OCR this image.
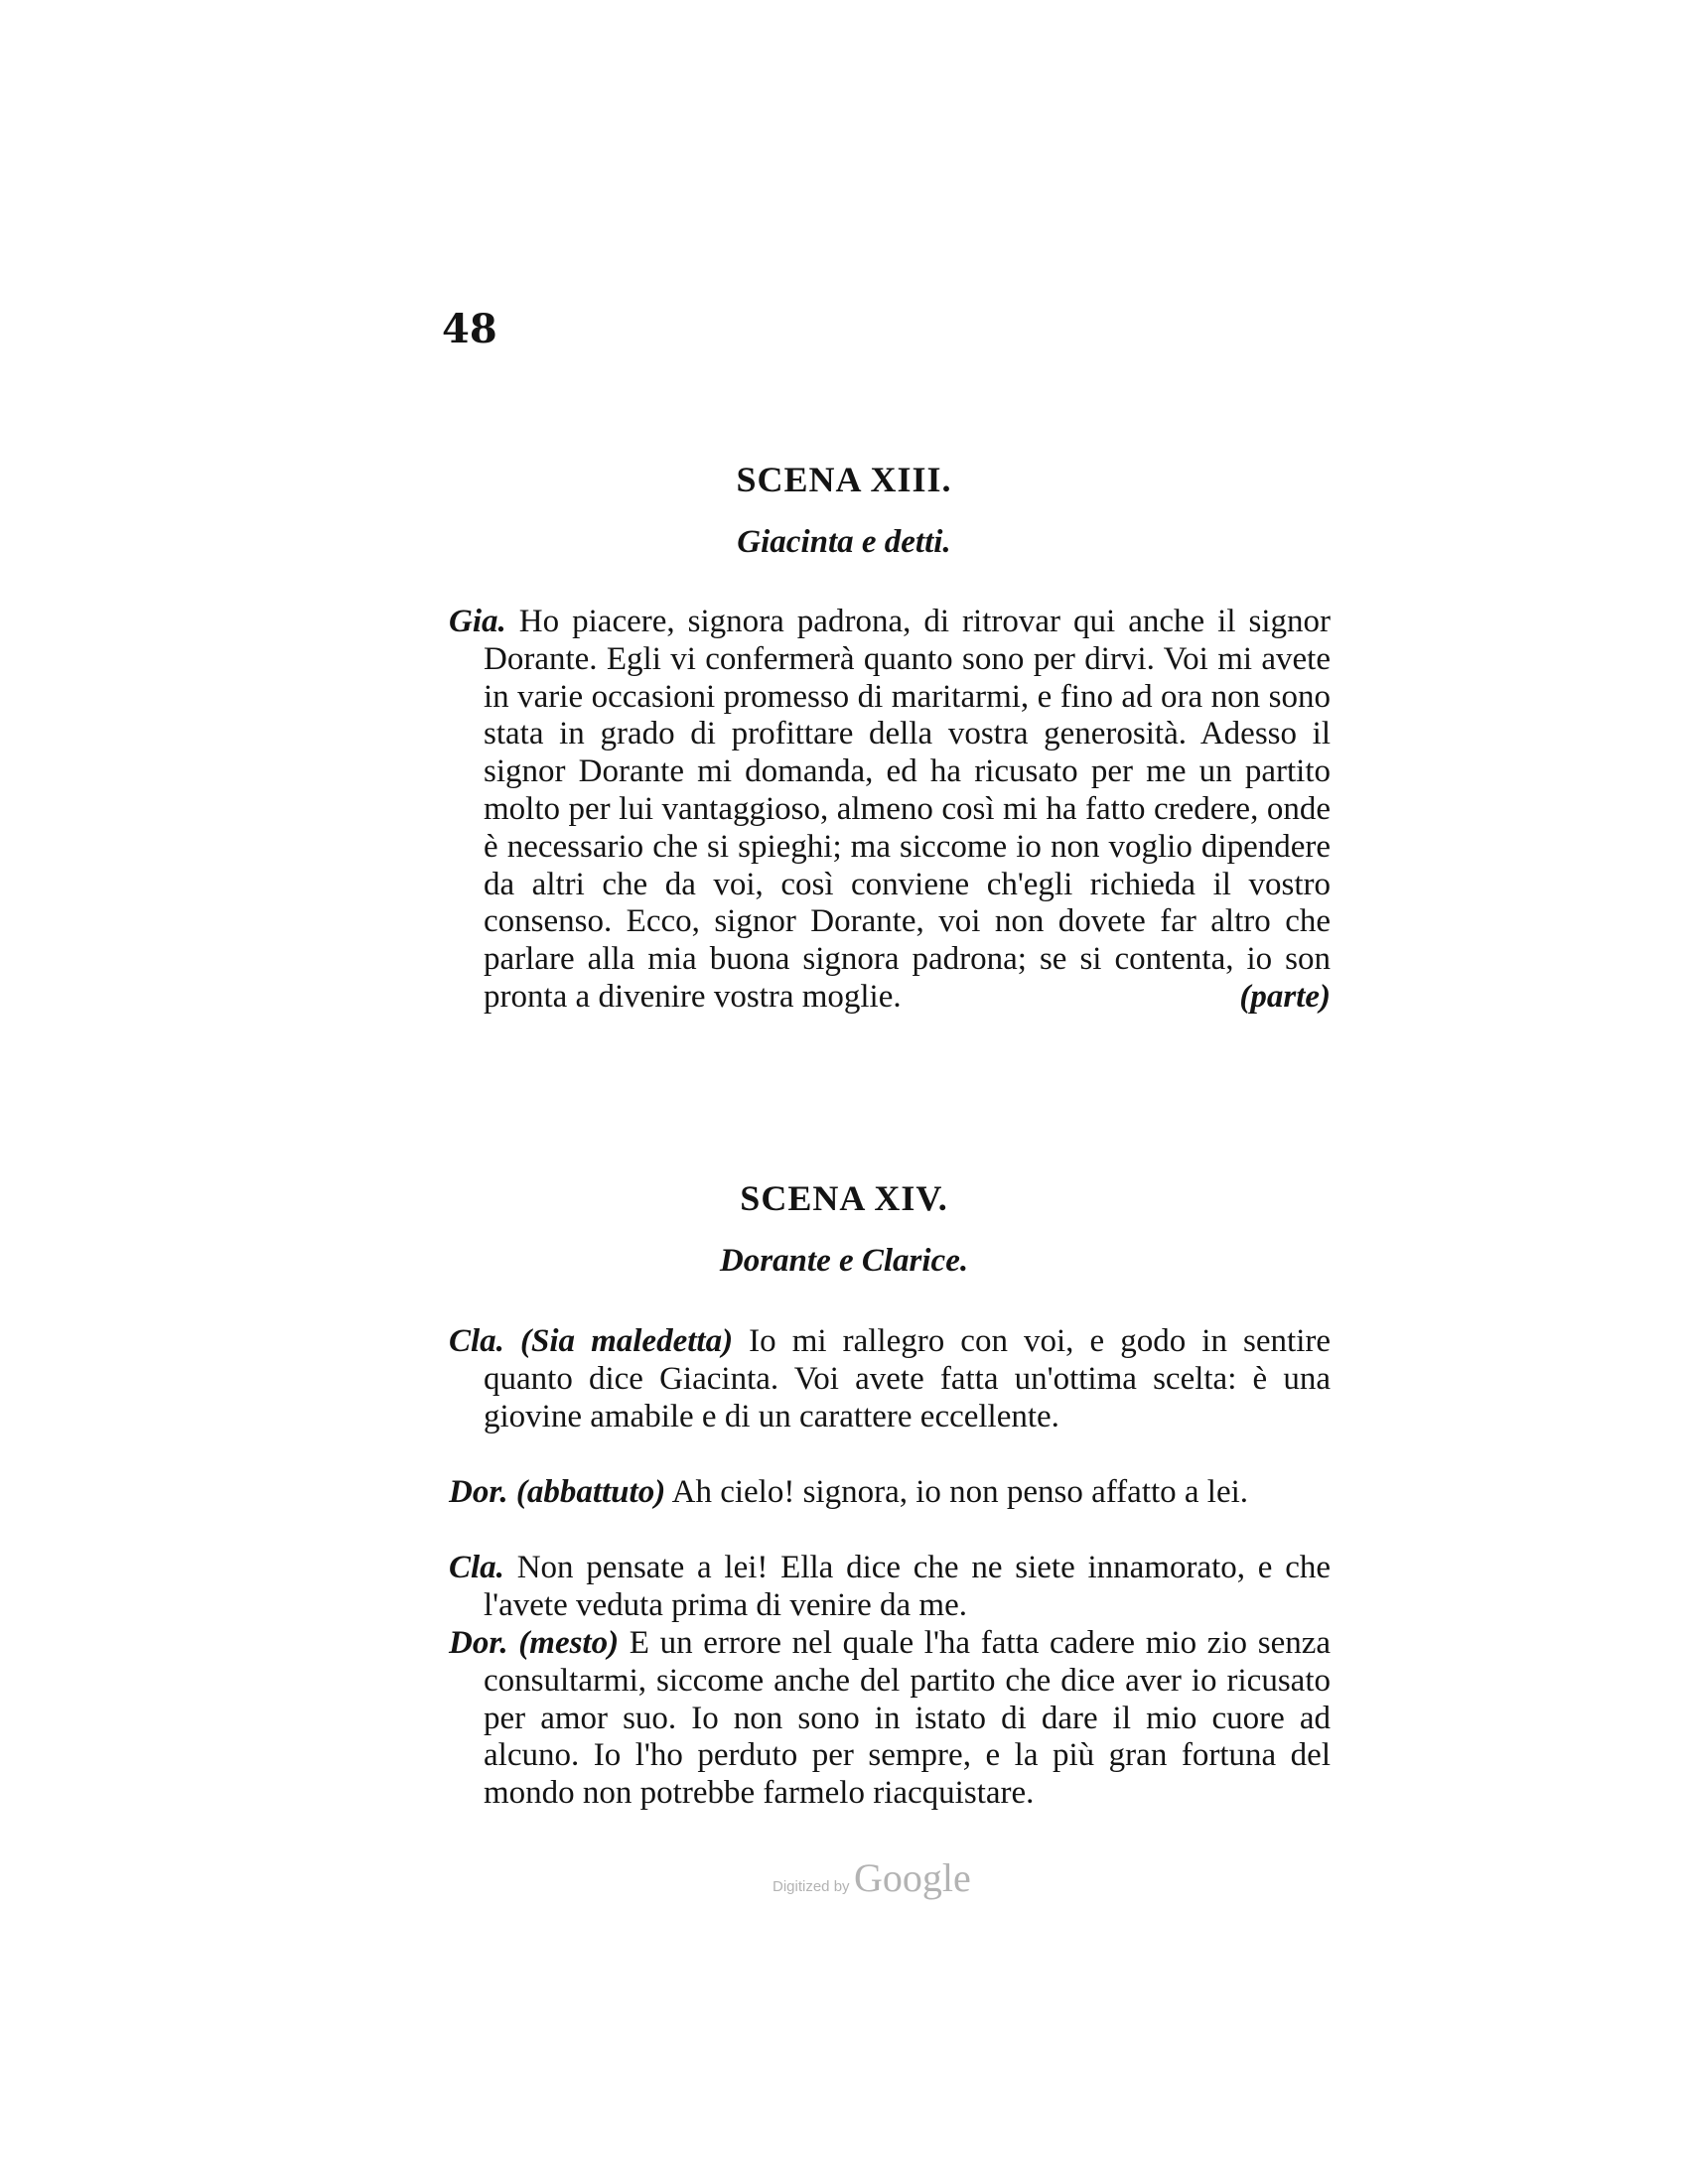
48
SCENA XIII.
Giacinta e detti.
Gia. Ho piacere, signora padrona, di ritrovar qui anche il signor Dorante. Egli vi confermerà quanto sono per dirvi. Voi mi avete in varie occasioni promesso di maritarmi, e fino ad ora non sono stata in grado di profittare della vostra generosità. Adesso il signor Dorante mi domanda, ed ha ricusato per me un partito molto per lui vantaggioso, almeno così mi ha fatto credere, onde è necessario che si spieghi; ma siccome io non voglio dipendere da altri che da voi, così conviene ch'egli richieda il vostro consenso. Ecco, signor Dorante, voi non dovete far altro che parlare alla mia buona signora padrona; se si contenta, io son pronta a divenire vostra moglie.	(parte)
SCENA XIV.
Dorante e Clarice.
Cla. (Sia maledetta) Io mi rallegro con voi, e godo in sentire quanto dice Giacinta. Voi avete fatta un'ottima scelta: è una giovine amabile e di un carattere eccellente.
Dor. (abbattuto) Ah cielo! signora, io non penso affatto a lei.
Cla. Non pensate a lei! Ella dice che ne siete innamorato, e che l'avete veduta prima di venire da me.
Dor. (mesto) E un errore nel quale l'ha fatta cadere mio zio senza consultarmi, siccome anche del partito che dice aver io ricusato per amor suo. Io non sono in istato di dare il mio cuore ad alcuno. Io l'ho perduto per sempre, e la più gran fortuna del mondo non potrebbe farmelo riacquistare.
Digitized by Google
